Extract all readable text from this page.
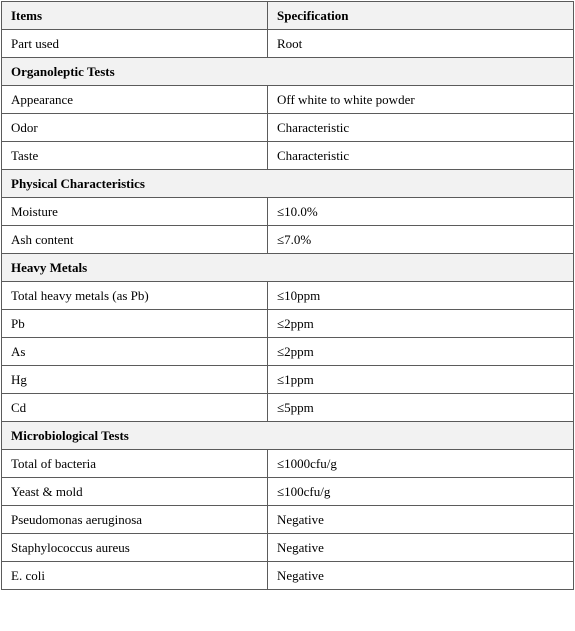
Items	Specification
Part used	Root
Organoleptic Tests	
Appearance	Off white to white powder
Odor	Characteristic
Taste	Characteristic
Physical Characteristics	
Moisture	≤10.0%
Ash content	≤7.0%
Heavy Metals	
Total heavy metals (as Pb)	≤10ppm
Pb	≤2ppm
As	≤2ppm
Hg	≤1ppm
Cd	≤5ppm
Microbiological Tests	
Total of bacteria	≤1000cfu/g
Yeast & mold	≤100cfu/g
Pseudomonas aeruginosa	Negative
Staphylococcus aureus	Negative
E. coli	Negative
